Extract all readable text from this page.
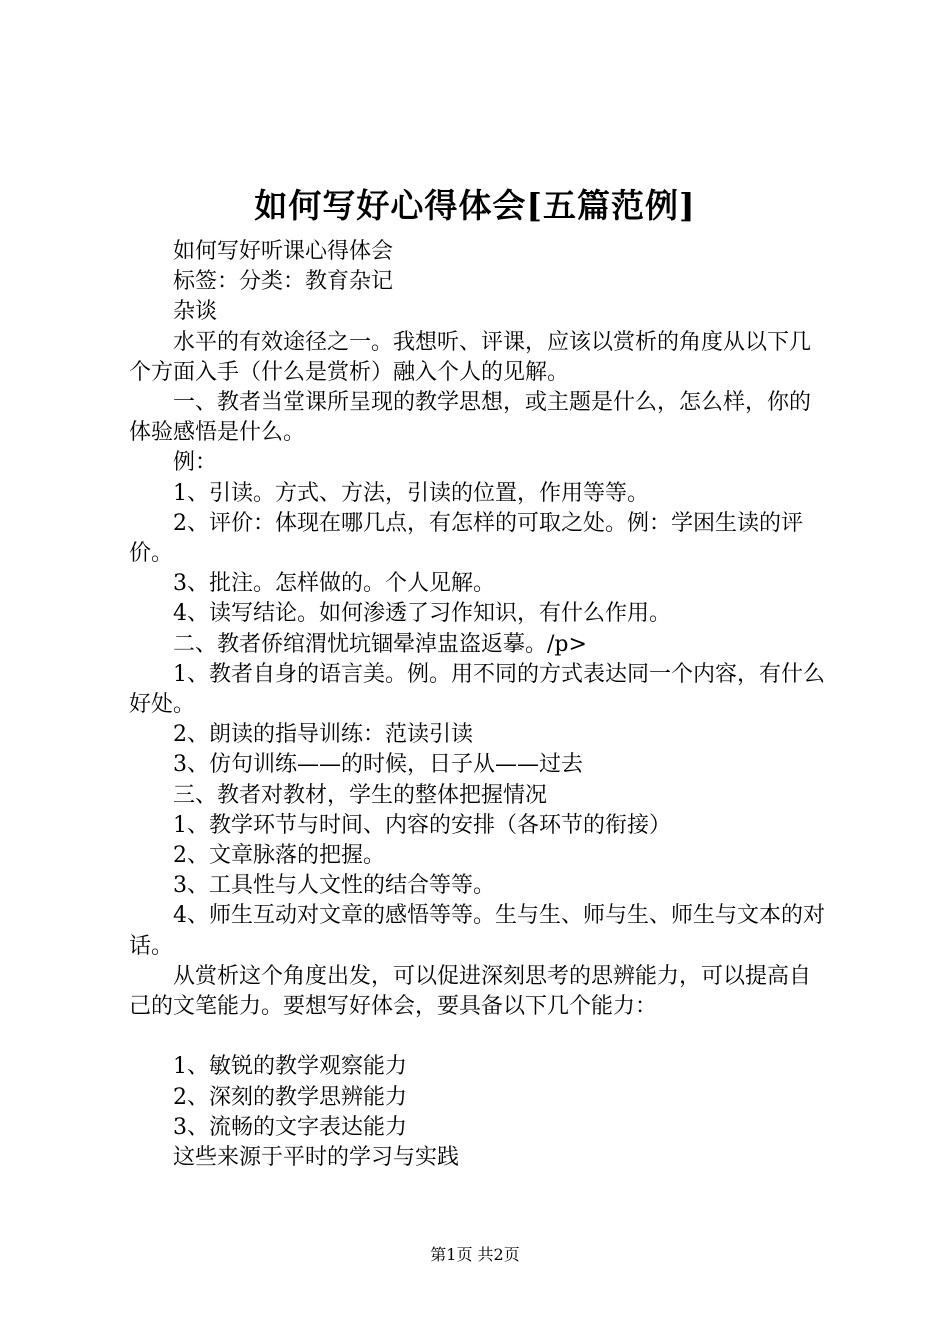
如何写好心得体会[五篇范例]

如何写好听课心得体会

标签：分类：教育杂记

杂谈

水平的有效途径之一。我想听、评课，应该以赏析的角度从以下几个方面入手（什么是赏析）融入个人的见解。

一、教者当堂课所呈现的教学思想，或主题是什么，怎么样，你的体验感悟是什么。

例：

1、引读。方式、方法，引读的位置，作用等等。

2、评价：体现在哪几点，有怎样的可取之处。例：学困生读的评价。

3、批注。怎样做的。个人见解。

4、读写结论。如何渗透了习作知识，有什么作用。

二、教者侨绾渭忧坑锢晕淖盅盗返摹。/p>

1、教者自身的语言美。例。用不同的方式表达同一个内容，有什么好处。

2、朗读的指导训练：范读引读

3、仿句训练——的时候，日子从——过去

三、教者对教材，学生的整体把握情况

1、教学环节与时间、内容的安排（各环节的衔接）

2、文章脉落的把握。

3、工具性与人文性的结合等等。

4、师生互动对文章的感悟等等。生与生、师与生、师生与文本的对话。

从赏析这个角度出发，可以促进深刻思考的思辨能力，可以提高自己的文笔能力。要想写好体会，要具备以下几个能力：

1、敏锐的教学观察能力

2、深刻的教学思辨能力

3、流畅的文字表达能力

这些来源于平时的学习与实践

第1页 共2页
